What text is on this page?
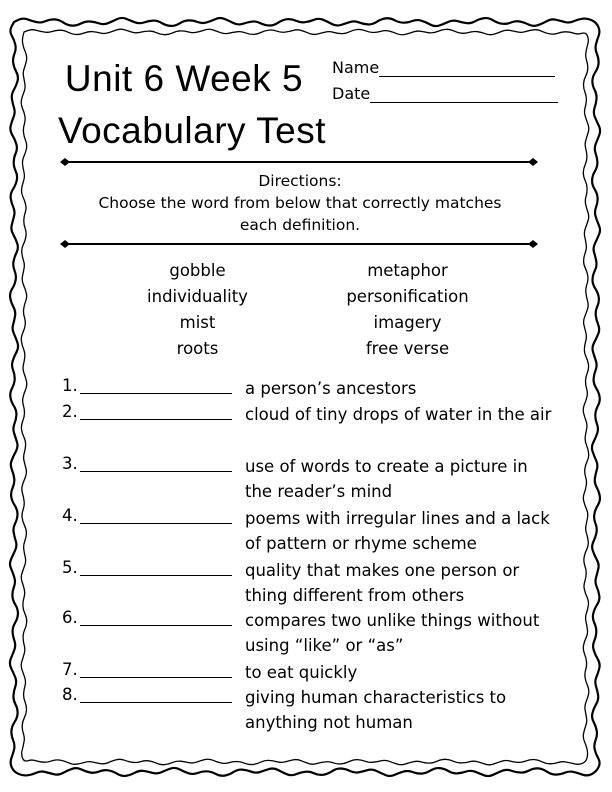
Unit 6 Week 5
Vocabulary Test
Name
Date
Directions:
Choose the word from below that correctly matches each definition.
gobble
individuality
mist
roots
metaphor
personification
imagery
free verse
1.	a person’s ancestors
2.	cloud of tiny drops of water in the air
3.	use of words to create a picture in the reader’s mind
4.	poems with irregular lines and a lack of pattern or rhyme scheme
5.	quality that makes one person or thing different from others
6.	compares two unlike things without using “like” or “as”
7.	to eat quickly
8.	giving human characteristics to anything not human
